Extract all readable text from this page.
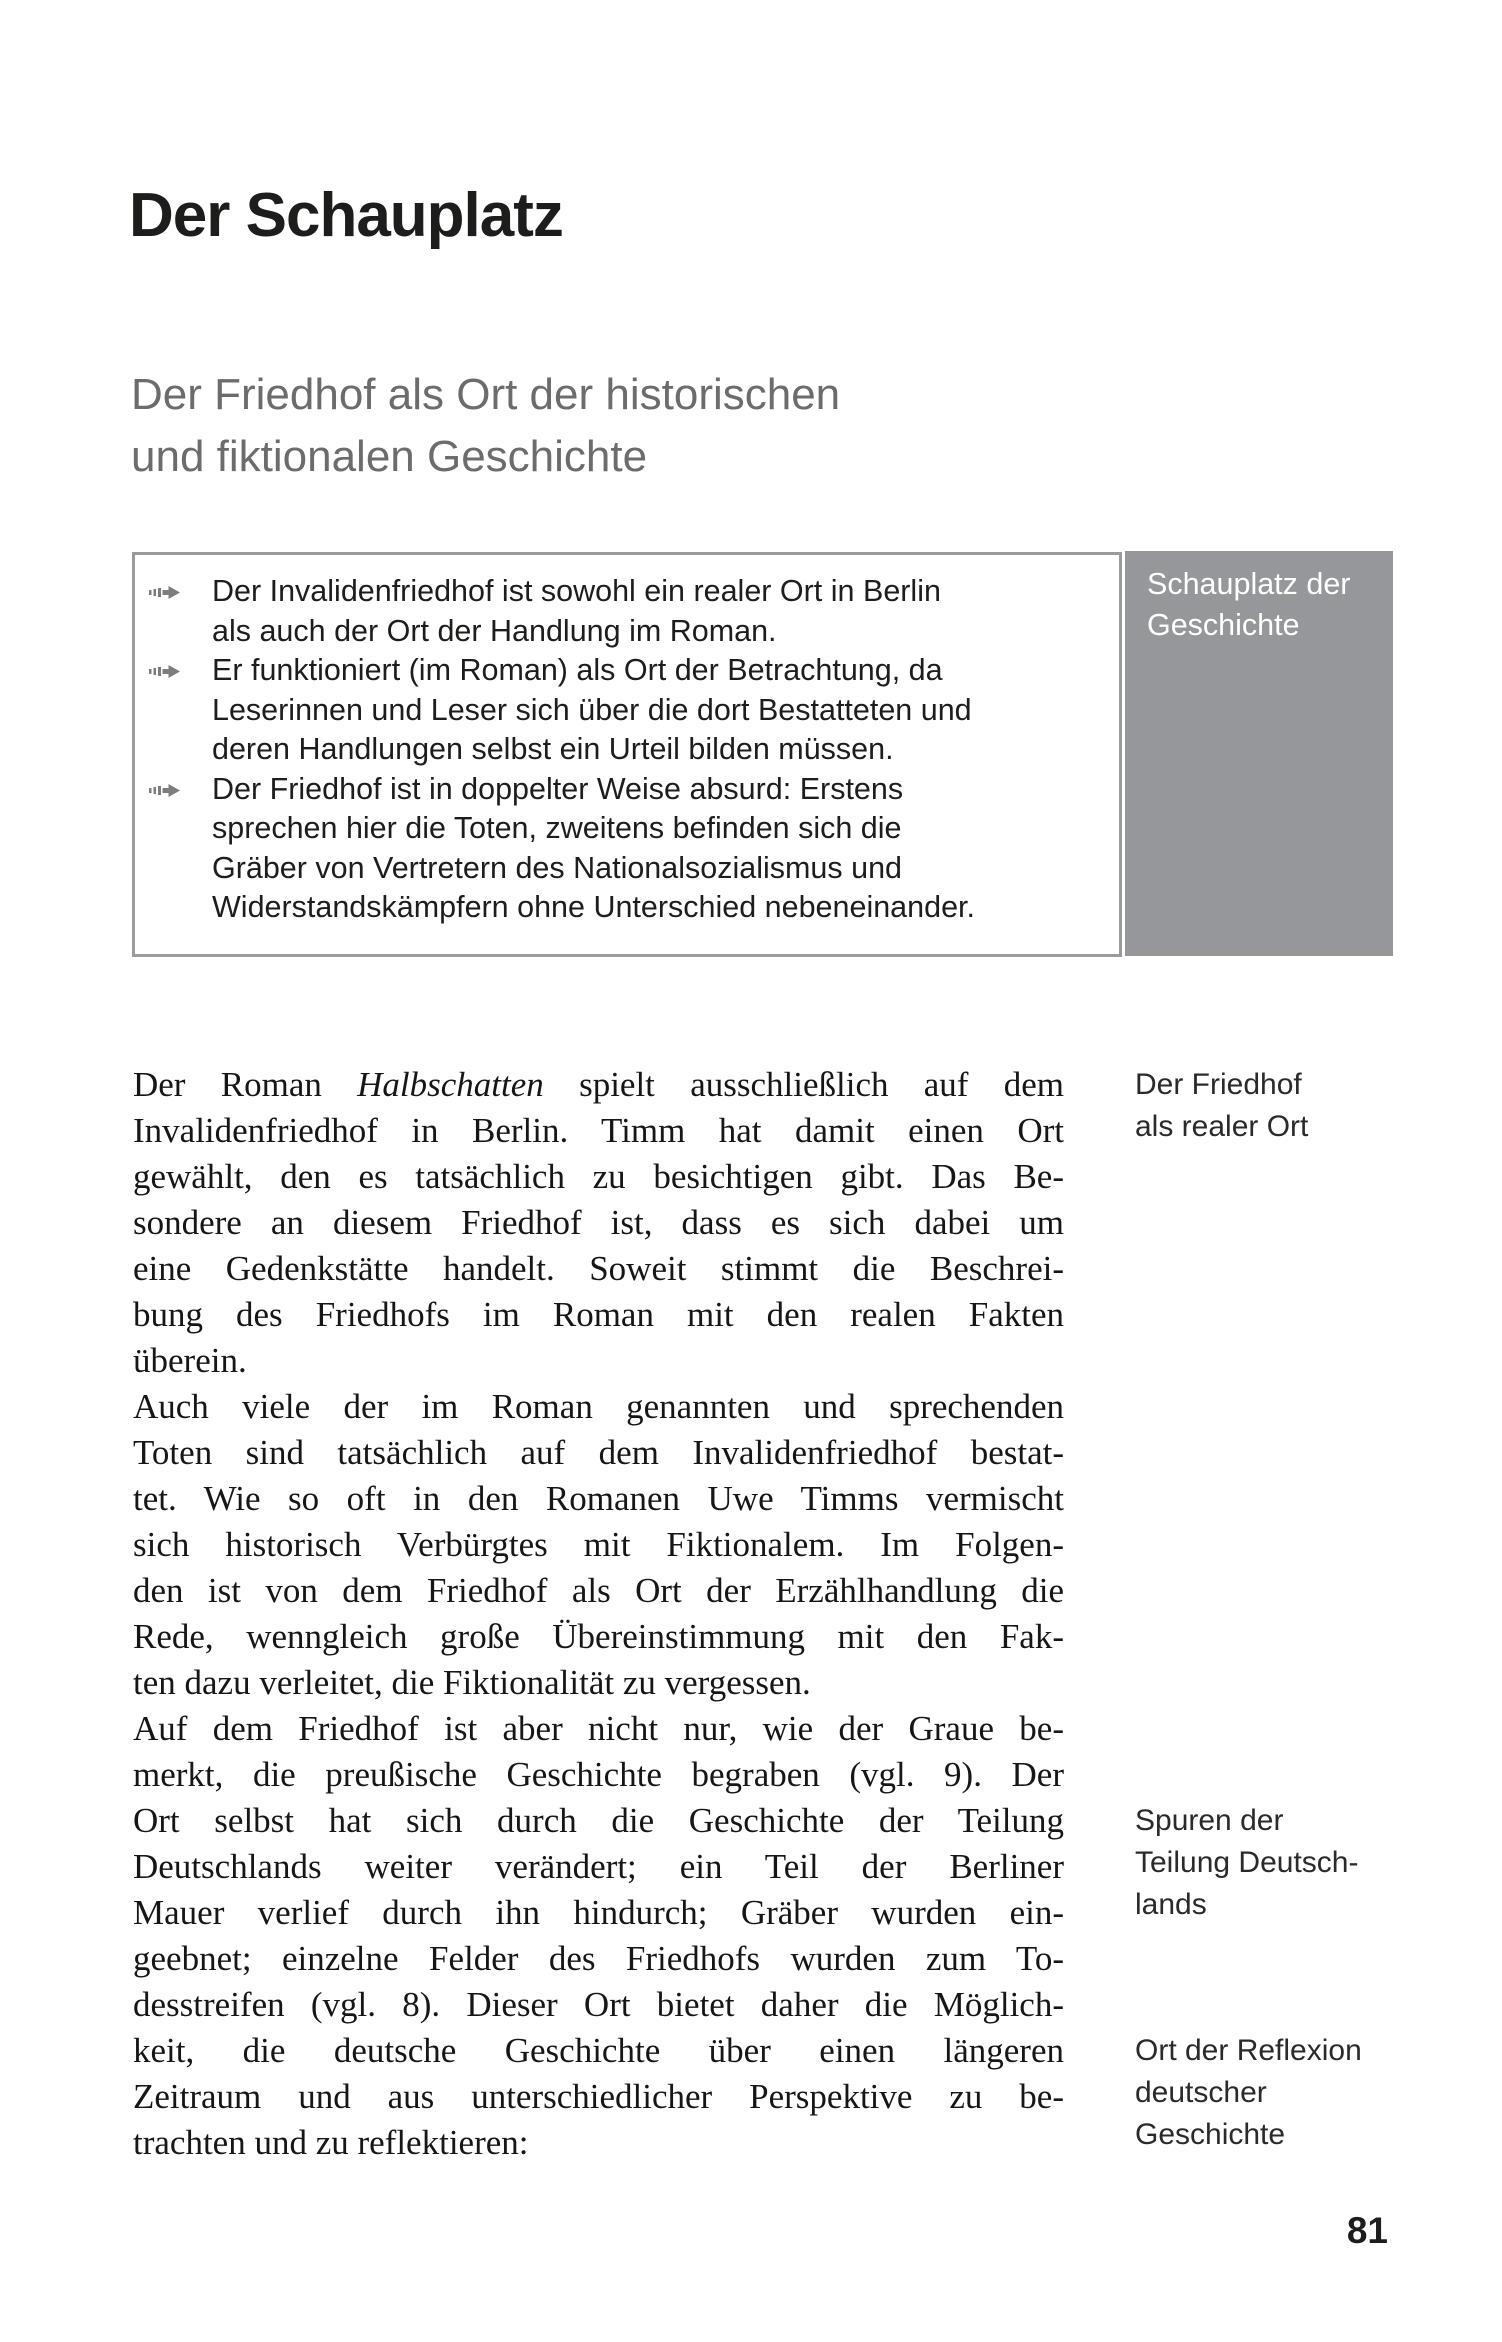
Der Schauplatz
Der Friedhof als Ort der historischen
und fiktionalen Geschichte
Der Invalidenfriedhof ist sowohl ein realer Ort in Berlin
als auch der Ort der Handlung im Roman.
Er funktioniert (im Roman) als Ort der Betrachtung, da
Leserinnen und Leser sich über die dort Bestatteten und
deren Handlungen selbst ein Urteil bilden müssen.
Der Friedhof ist in doppelter Weise absurd: Erstens
sprechen hier die Toten, zweitens befinden sich die
Gräber von Vertretern des Nationalsozialismus und
Widerstandskämpfern ohne Unterschied nebeneinander.
Schauplatz der Geschichte
Der Roman Halbschatten spielt ausschließlich auf dem
Invalidenfriedhof in Berlin. Timm hat damit einen Ort
gewählt, den es tatsächlich zu besichtigen gibt. Das Be-
sondere an diesem Friedhof ist, dass es sich dabei um
eine Gedenkstätte handelt. Soweit stimmt die Beschrei-
bung des Friedhofs im Roman mit den realen Fakten
überein.
Auch viele der im Roman genannten und sprechenden
Toten sind tatsächlich auf dem Invalidenfriedhof bestat-
tet. Wie so oft in den Romanen Uwe Timms vermischt
sich historisch Verbürgtes mit Fiktionalem. Im Folgen-
den ist von dem Friedhof als Ort der Erzählhandlung die
Rede, wenngleich große Übereinstimmung mit den Fak-
ten dazu verleitet, die Fiktionalität zu vergessen.
Auf dem Friedhof ist aber nicht nur, wie der Graue be-
merkt, die preußische Geschichte begraben (vgl. 9). Der
Ort selbst hat sich durch die Geschichte der Teilung
Deutschlands weiter verändert; ein Teil der Berliner
Mauer verlief durch ihn hindurch; Gräber wurden ein-
geebnet; einzelne Felder des Friedhofs wurden zum To-
desstreifen (vgl. 8). Dieser Ort bietet daher die Möglich-
keit, die deutsche Geschichte über einen längeren
Zeitraum und aus unterschiedlicher Perspektive zu be-
trachten und zu reflektieren:
Der Friedhof
als realer Ort
Spuren der
Teilung Deutsch-
lands
Ort der Reflexion
deutscher
Geschichte
81
